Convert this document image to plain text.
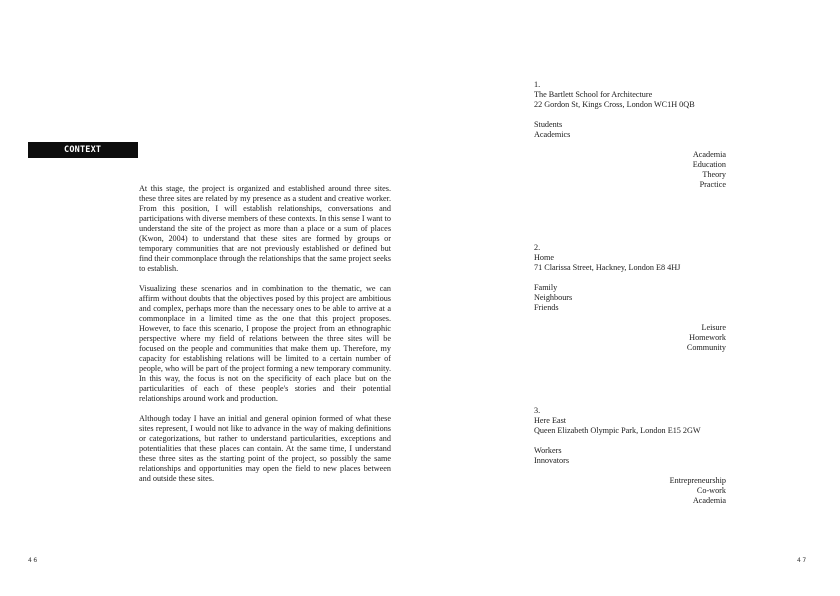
CONTEXT

At this stage, the project is organized and established around three sites. these three sites are related by my presence as a student and creative worker. From this position, I will establish relationships, conversations and participations with diverse members of these contexts. In this sense I want to understand the site of the project as more than a place or a sum of places (Kwon, 2004) to understand that these sites are formed by groups or temporary communities that are not previously established or defined but find their commonplace through the relationships that the same project seeks to establish.

Visualizing these scenarios and in combination to the thematic, we can affirm without doubts that the objectives posed by this project are ambitious and complex, perhaps more than the necessary ones to be able to arrive at a commonplace in a limited time as the one that this project proposes. However, to face this scenario, I propose the project from an ethnographic perspective where my field of relations between the three sites will be focused on the people and communities that make them up. Therefore, my capacity for establishing relations will be limited to a certain number of people, who will be part of the project forming a new temporary community. In this way, the focus is not on the specificity of each place but on the particularities of each of these people's stories and their potential relationships around work and production.

Although today I have an initial and general opinion formed of what these sites represent, I would not like to advance in the way of making definitions or categorizations, but rather to understand particularities, exceptions and potentialities that these places can contain. At the same time, I understand these three sites as the starting point of the project, so possibly the same relationships and opportunities may open the field to new places between and outside these sites.

46
1.
The Bartlett School for Architecture
22 Gordon St, Kings Cross, London WC1H 0QB
Students
Academics
Academia
Education
Theory
Practice
2.
Home
71 Clarissa Street, Hackney, London E8 4HJ
Family
Neighbours
Friends
Leisure
Homework
Community
3.
Here East
Queen Elizabeth Olympic Park, London E15 2GW
Workers
Innovators
Entrepreneurship
Co-work
Academia
47
